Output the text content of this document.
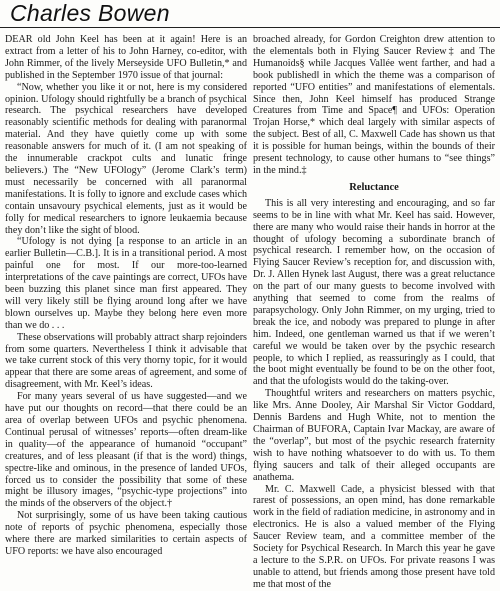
Charles Bowen

DEAR old John Keel has been at it again! Here is an extract from a letter of his to John Harney, co-editor, with John Rimmer, of the lively Merseyside UFO Bulletin,* and published in the September 1970 issue of that journal:

“Now, whether you like it or not, here is my considered opinion. Ufology should rightfully be a branch of psychical research. The psychical researchers have developed reasonably scientific methods for dealing with paranormal material. And they have quietly come up with some reasonable answers for much of it. (I am not speaking of the innumerable crackpot cults and lunatic fringe believers.) The “New UFOlogy” (Jerome Clark’s term) must necessarily be concerned with all paranormal manifestations. It is folly to ignore and exclude cases which contain unsavoury psychical elements, just as it would be folly for medical researchers to ignore leukaemia because they don’t like the sight of blood.

“Ufology is not dying [a response to an article in an earlier Bulletin—C.B.]. It is in a transitional period. A most painful one for most. If our more-too-learned interpretations of the cave paintings are correct, UFOs have been buzzing this planet since man first appeared. They will very likely still be flying around long after we have blown ourselves up. Maybe they belong here even more than we do . . .

These observations will probably attract sharp rejoinders from some quarters. Nevertheless I think it advisable that we take current stock of this very thorny topic, for it would appear that there are some areas of agreement, and some of disagreement, with Mr. Keel’s ideas.

For many years several of us have suggested—and we have put our thoughts on record—that there could be an area of overlap between UFOs and psychic phenomena. Continual perusal of witnesses’ reports—often dream-like in quality—of the appearance of humanoid “occupant” creatures, and of less pleasant (if that is the word) things, spectre-like and ominous, in the presence of landed UFOs, forced us to consider the possibility that some of these might be illusory images, “psychic-type projections” into the minds of the observers of the object.†

Not surprisingly, some of us have been taking cautious note of reports of psychic phenomena, especially those where there are marked similarities to certain aspects of UFO reports: we have also encouraged

broached already, for Gordon Creighton drew attention to the elementals both in Flying Saucer Review‡ and The Humanoids§ while Jacques Vallée went farther, and had a book published‖ in which the theme was a comparison of reported “UFO entities” and manifestations of elementals. Since then, John Keel himself has produced Strange Creatures from Time and Space¶ and UFOs: Operation Trojan Horse,* which deal largely with similar aspects of the subject. Best of all, C. Maxwell Cade has shown us that it is possible for human beings, within the bounds of their present technology, to cause other humans to “see things” in the mind.‡

Reluctance

This is all very interesting and encouraging, and so far seems to be in line with what Mr. Keel has said. However, there are many who would raise their hands in horror at the thought of ufology becoming a subordinate branch of psychical research. I remember how, on the occasion of Flying Saucer Review’s reception for, and discussion with, Dr. J. Allen Hynek last August, there was a great reluctance on the part of our many guests to become involved with anything that seemed to come from the realms of parapsychology. Only John Rimmer, on my urging, tried to break the ice, and nobody was prepared to plunge in after him. Indeed, one gentleman warned us that if we weren’t careful we would be taken over by the psychic research people, to which I replied, as reassuringly as I could, that the boot might eventually be found to be on the other foot, and that the ufologists would do the taking-over.

Thoughtful writers and researchers on matters psychic, like Mrs. Anne Dooley, Air Marshal Sir Victor Goddard, Dennis Bardens and Hugh White, not to mention the Chairman of BUFORA, Captain Ivar Mackay, are aware of the “overlap”, but most of the psychic research fraternity wish to have nothing whatsoever to do with us. To them flying saucers and talk of their alleged occupants are anathema.

Mr. C. Maxwell Cade, a physicist blessed with that rarest of possessions, an open mind, has done remarkable work in the field of radiation medicine, in astronomy and in electronics. He is also a valued member of the Flying Saucer Review team, and a committee member of the Society for Psychical Research. In March this year he gave a lecture to the S.P.R. on UFOs. For private reasons I was unable to attend, but friends among those present have told me that most of the
